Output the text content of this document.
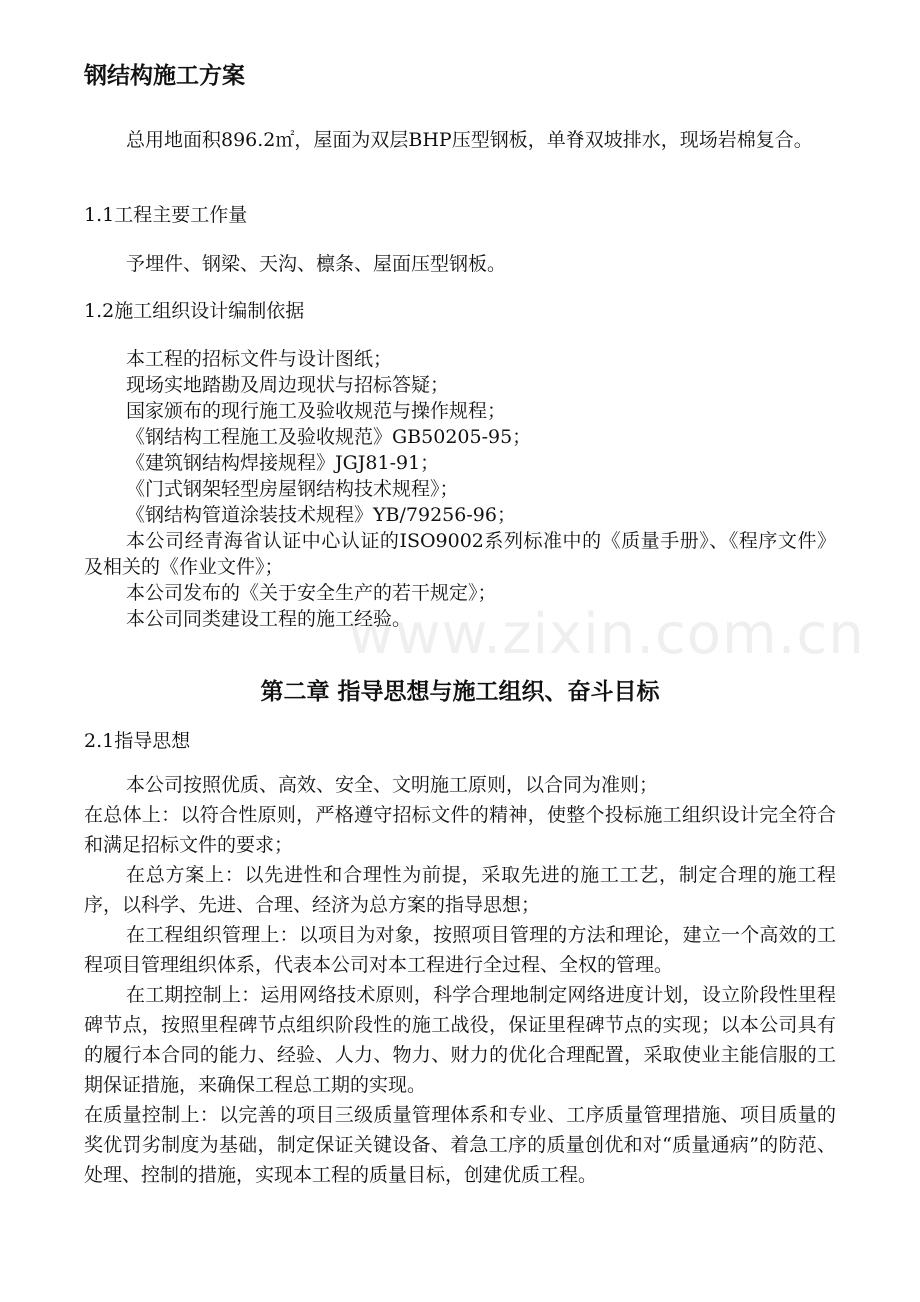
www.zixin.com.cn
钢结构施工方案

总用地面积896.2㎡，屋面为双层BHP压型钢板，单脊双坡排水，现场岩棉复合。

1.1工程主要工作量

予埋件、钢梁、天沟、檩条、屋面压型钢板。

1.2施工组织设计编制依据

本工程的招标文件与设计图纸；
现场实地踏勘及周边现状与招标答疑；
国家颁布的现行施工及验收规范与操作规程；
《钢结构工程施工及验收规范》GB50205-95；
《建筑钢结构焊接规程》JGJ81-91；
《门式钢架轻型房屋钢结构技术规程》；
《钢结构管道涂装技术规程》YB/79256-96；
本公司经青海省认证中心认证的ISO9002系列标准中的《质量手册》、《程序文件》及相关的《作业文件》；
本公司发布的《关于安全生产的若干规定》；
本公司同类建设工程的施工经验。
第二章 指导思想与施工组织、奋斗目标

2.1指导思想

本公司按照优质、高效、安全、文明施工原则，以合同为准则；

在总体上：以符合性原则，严格遵守招标文件的精神，使整个投标施工组织设计完全符合和满足招标文件的要求；

在总方案上：以先进性和合理性为前提，采取先进的施工工艺，制定合理的施工程序，以科学、先进、合理、经济为总方案的指导思想；

在工程组织管理上：以项目为对象，按照项目管理的方法和理论，建立一个高效的工程项目管理组织体系，代表本公司对本工程进行全过程、全权的管理。

在工期控制上：运用网络技术原则，科学合理地制定网络进度计划，设立阶段性里程碑节点，按照里程碑节点组织阶段性的施工战役，保证里程碑节点的实现；以本公司具有的履行本合同的能力、经验、人力、物力、财力的优化合理配置，采取使业主能信服的工期保证措施，来确保工程总工期的实现。

在质量控制上：以完善的项目三级质量管理体系和专业、工序质量管理措施、项目质量的奖优罚劣制度为基础，制定保证关键设备、着急工序的质量创优和对“质量通病”的防范、处理、控制的措施，实现本工程的质量目标，创建优质工程。
